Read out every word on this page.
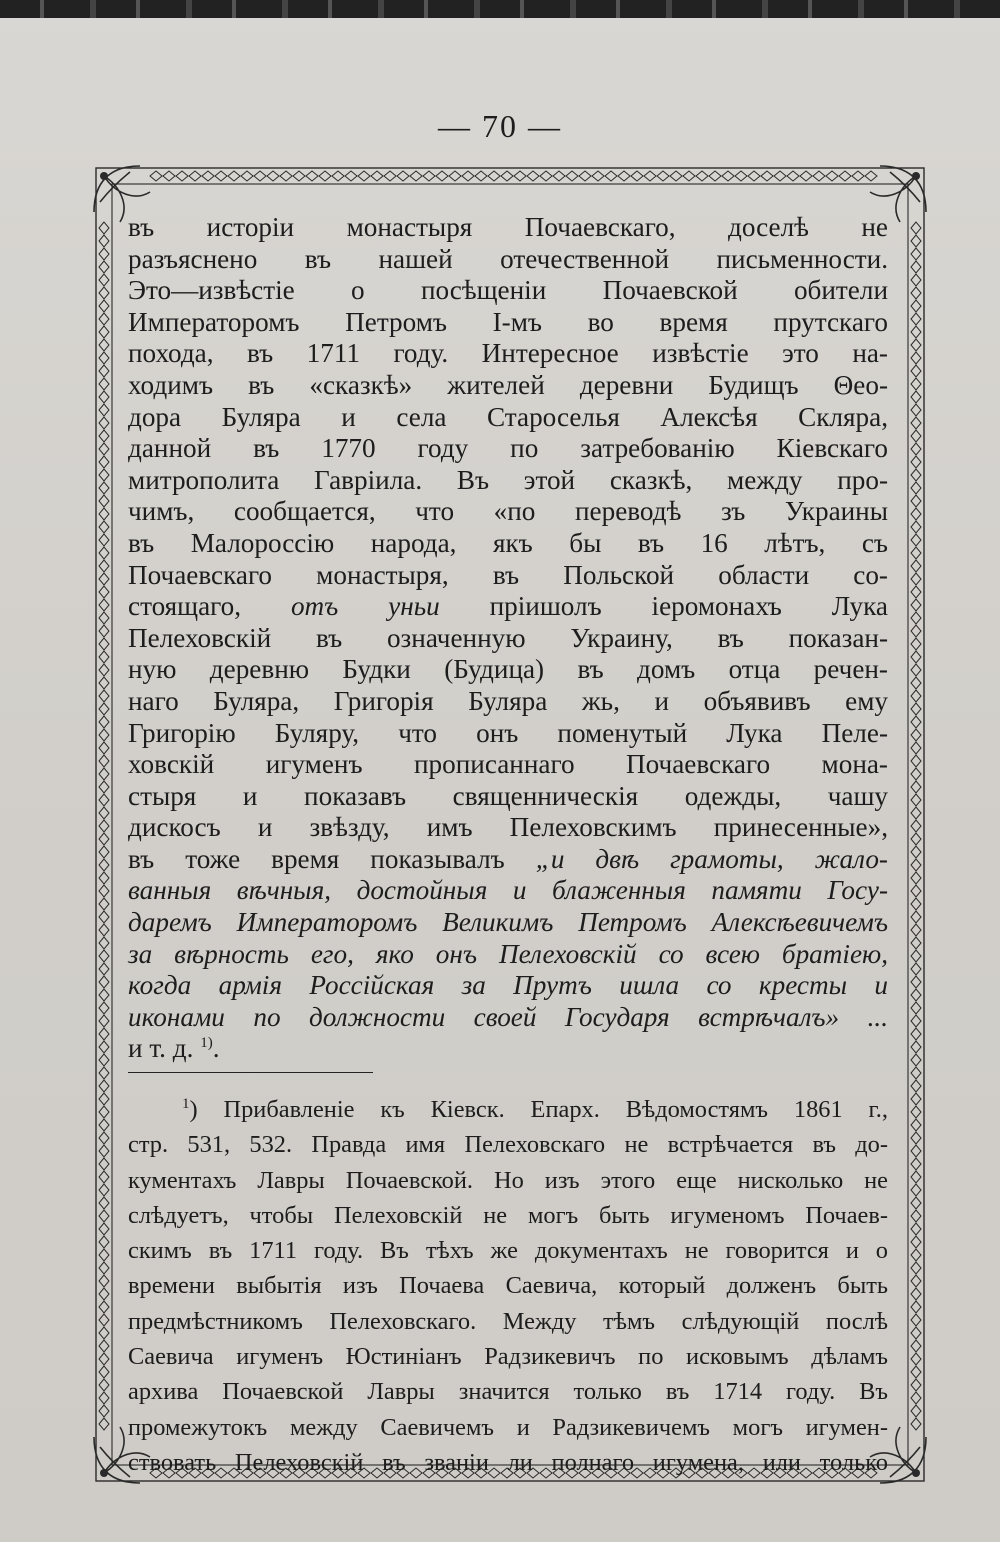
— 70 —
въ исторіи монастыря Почаевскаго, доселѣ не
разъяснено въ нашей отечественной письменности.
Это—извѣстіе о посѣщеніи Почаевской обители
Императоромъ Петромъ I-мъ во время прутскаго
похода, въ 1711 году. Интересное извѣстіе это на-
ходимъ въ «сказкѣ» жителей деревни Будищъ Θео-
дора Буляра и села Староселья Алексѣя Скляра,
данной въ 1770 году по затребованію Кіевскаго
митрополита Гавріила. Въ этой сказкѣ, между про-
чимъ, сообщается, что «по переводѣ зъ Украины
въ Малороссію народа, якъ бы въ 16 лѣтъ, съ
Почаевскаго монастыря, въ Польской области со-
стоящаго, отъ уньи пріишолъ іеромонахъ Лука
Пелеховскій въ означенную Украину, въ показан-
ную деревню Будки (Будица) въ домъ отца речен-
наго Буляра, Григорія Буляра жь, и объявивъ ему
Григорію Буляру, что онъ поменутый Лука Пеле-
ховскій игуменъ прописаннаго Почаевскаго мона-
стыря и показавъ священническія одежды, чашу
дискосъ и звѣзду, имъ Пелеховскимъ принесенные»,
въ тоже время показывалъ „и двѣ грамоты, жало-
ванныя вѣчныя, достойныя и блаженныя памяти Госу-
даремъ Императоромъ Великимъ Петромъ Алексѣевичемъ
за вѣрность его, яко онъ Пелеховскій со всею братіею,
когда армія Россійская за Прутъ ишла со кресты и
иконами по должности своей Государя встрѣчалъ» ...
и т. д. $^{1)}$.
$^1$) Прибавленіе къ Кіевск. Епарх. Вѣдомостямъ 1861 г.,
стр. 531, 532. Правда имя Пелеховскаго не встрѣчается въ до-
кументахъ Лавры Почаевской. Но изъ этого еще нисколько не
слѣдуетъ, чтобы Пелеховскій не могъ быть игуменомъ Почаев-
скимъ въ 1711 году. Въ тѣхъ же документахъ не говорится и о
времени выбытія изъ Почаева Саевича, который долженъ быть
предмѣстникомъ Пелеховскаго. Между тѣмъ слѣдующій послѣ
Саевича игуменъ Юстиніанъ Радзикевичъ по исковымъ дѣламъ
архива Почаевской Лавры значится только въ 1714 году. Въ
промежутокъ между Саевичемъ и Радзикевичемъ могъ игумен-
ствовать Пелеховскій въ званіи ли полнаго игумена, или только
